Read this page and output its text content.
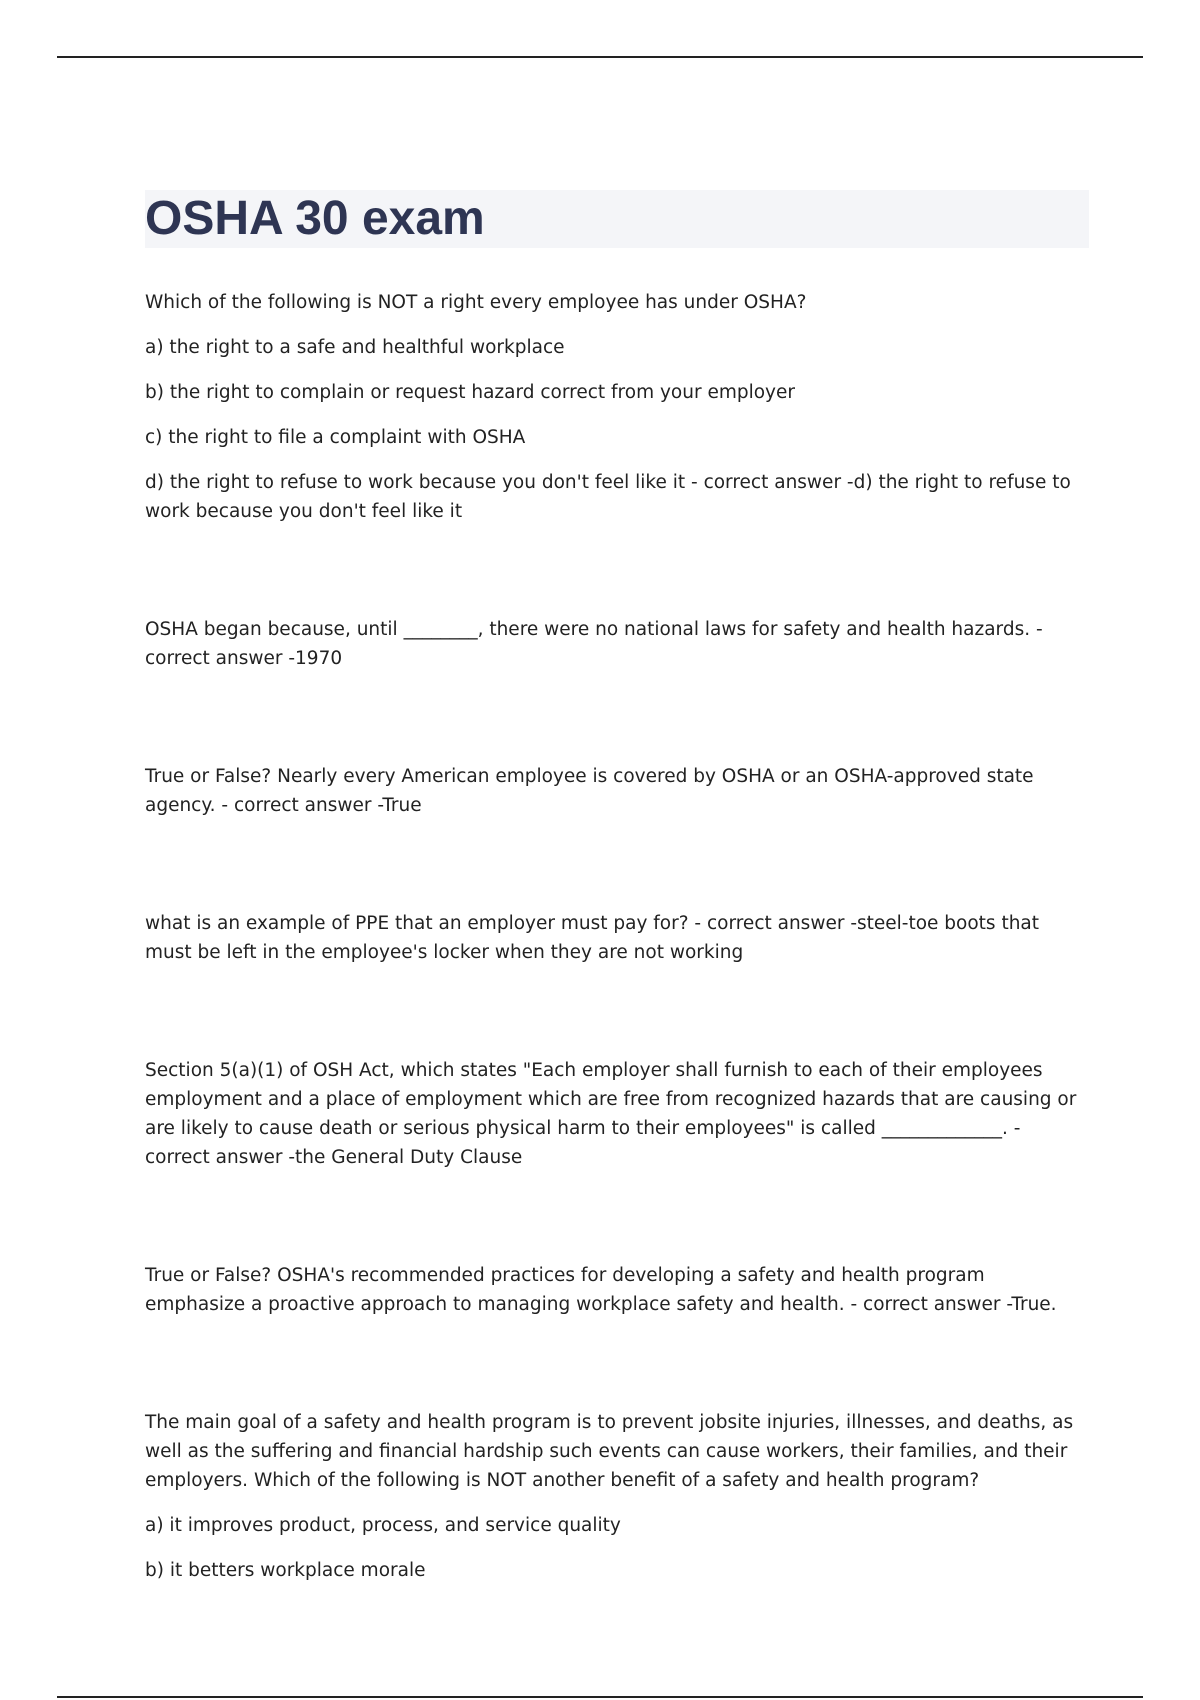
OSHA 30 exam

Which of the following is NOT a right every employee has under OSHA?

a) the right to a safe and healthful workplace

b) the right to complain or request hazard correct from your employer

c) the right to file a complaint with OSHA

d) the right to refuse to work because you don't feel like it - correct answer -d) the right to refuse to work because you don't feel like it

OSHA began because, until ________, there were no national laws for safety and health hazards. - correct answer -1970

True or False? Nearly every American employee is covered by OSHA or an OSHA-approved state agency. - correct answer -True

what is an example of PPE that an employer must pay for? - correct answer -steel-toe boots that must be left in the employee's locker when they are not working

Section 5(a)(1) of OSH Act, which states "Each employer shall furnish to each of their employees employment and a place of employment which are free from recognized hazards that are causing or are likely to cause death or serious physical harm to their employees" is called _____________. - correct answer -the General Duty Clause

True or False? OSHA's recommended practices for developing a safety and health program emphasize a proactive approach to managing workplace safety and health. - correct answer -True.

The main goal of a safety and health program is to prevent jobsite injuries, illnesses, and deaths, as well as the suffering and financial hardship such events can cause workers, their families, and their employers. Which of the following is NOT another benefit of a safety and health program?

a) it improves product, process, and service quality

b) it betters workplace morale
